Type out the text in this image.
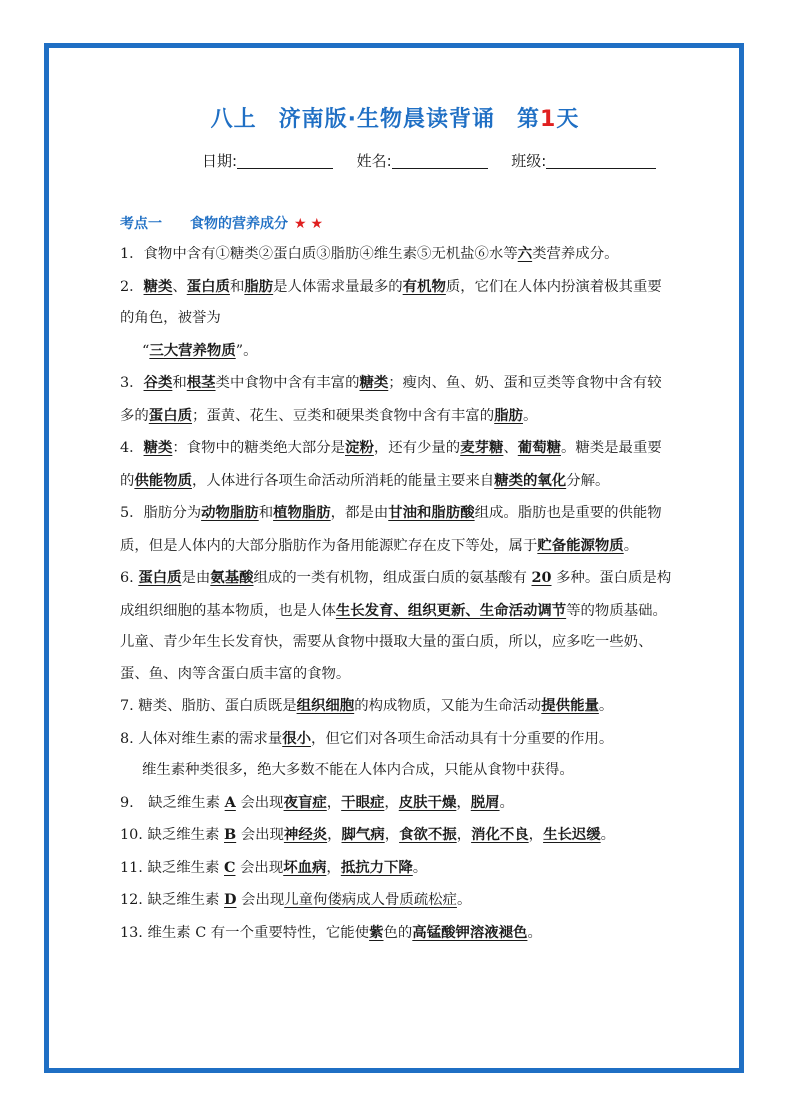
八上 济南版·生物晨读背诵 第1天
日期:	姓名:	班级:
考点一　　食物的营养成分 ★★

1．食物中含有①糖类②蛋白质③脂肪④维生素⑤无机盐⑥水等六类营养成分。

2．糖类、蛋白质和脂肪是人体需求量最多的有机物质，它们在人体内扮演着极其重要的角色，被誉为

“三大营养物质”。

3．谷类和根茎类中食物中含有丰富的糖类；瘦肉、鱼、奶、蛋和豆类等食物中含有较多的蛋白质；蛋黄、花生、豆类和硬果类食物中含有丰富的脂肪。

4．糖类：食物中的糖类绝大部分是淀粉，还有少量的麦芽糖、葡萄糖。糖类是最重要的供能物质，人体进行各项生命活动所消耗的能量主要来自糖类的氧化分解。

5．脂肪分为动物脂肪和植物脂肪，都是由甘油和脂肪酸组成。脂肪也是重要的供能物质，但是人体内的大部分脂肪作为备用能源贮存在皮下等处，属于贮备能源物质。

6. 蛋白质是由氨基酸组成的一类有机物，组成蛋白质的氨基酸有 20 多种。蛋白质是构成组织细胞的基本物质，也是人体生长发育、组织更新、生命活动调节等的物质基础。儿童、青少年生长发育快，需要从食物中摄取大量的蛋白质，所以，应多吃一些奶、蛋、鱼、肉等含蛋白质丰富的食物。

7. 糖类、脂肪、蛋白质既是组织细胞的构成物质，又能为生命活动提供能量。

8. 人体对维生素的需求量很小，但它们对各项生命活动具有十分重要的作用。

维生素种类很多，绝大多数不能在人体内合成，只能从食物中获得。

9.　缺乏维生素 A 会出现夜盲症，干眼症，皮肤干燥，脱屑。

10. 缺乏维生素 B 会出现神经炎，脚气病，食欲不振，消化不良，生长迟缓。

11. 缺乏维生素 C 会出现坏血病，抵抗力下降。

12. 缺乏维生素 D 会出现儿童佝偻病成人骨质疏松症。

13. 维生素 C 有一个重要特性，它能使紫色的高锰酸钾溶液褪色。
